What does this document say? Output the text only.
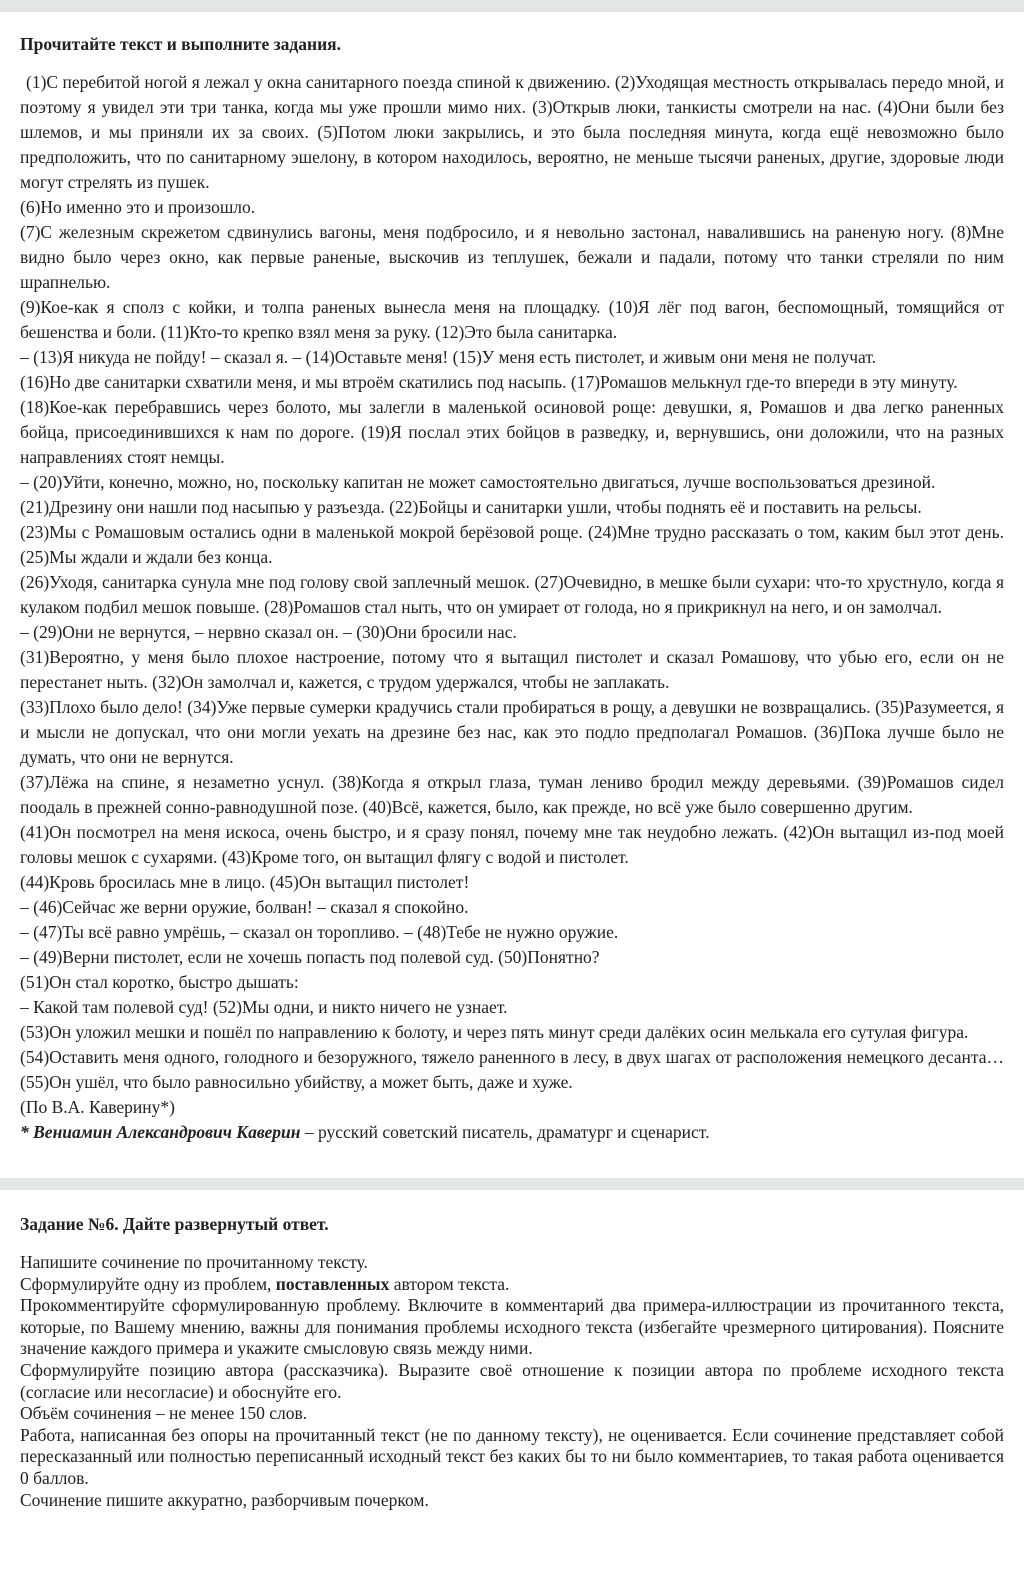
Прочитайте текст и выполните задания.

(1)С перебитой ногой я лежал у окна санитарного поезда спиной к движению. (2)Уходящая местность открывалась передо мной, и поэтому я увидел эти три танка, когда мы уже прошли мимо них. (3)Открыв люки, танкисты смотрели на нас. (4)Они были без шлемов, и мы приняли их за своих. (5)Потом люки закрылись, и это была последняя минута, когда ещё невозможно было предположить, что по санитарному эшелону, в котором находилось, вероятно, не меньше тысячи раненых, другие, здоровые люди могут стрелять из пушек.

(6)Но именно это и произошло.

(7)С железным скрежетом сдвинулись вагоны, меня подбросило, и я невольно застонал, навалившись на раненую ногу. (8)Мне видно было через окно, как первые раненые, выскочив из теплушек, бежали и падали, потому что танки стреляли по ним шрапнелью.

(9)Кое-как я сполз с койки, и толпа раненых вынесла меня на площадку. (10)Я лёг под вагон, беспомощный, томящийся от бешенства и боли. (11)Кто-то крепко взял меня за руку. (12)Это была санитарка.

– (13)Я никуда не пойду! – сказал я. – (14)Оставьте меня! (15)У меня есть пистолет, и живым они меня не получат.

(16)Но две санитарки схватили меня, и мы втроём скатились под насыпь. (17)Ромашов мелькнул где-то впереди в эту минуту.

(18)Кое-как перебравшись через болото, мы залегли в маленькой осиновой роще: девушки, я, Ромашов и два легко раненных бойца, присоединившихся к нам по дороге. (19)Я послал этих бойцов в разведку, и, вернувшись, они доложили, что на разных направлениях стоят немцы.

– (20)Уйти, конечно, можно, но, поскольку капитан не может самостоятельно двигаться, лучше воспользоваться дрезиной.

(21)Дрезину они нашли под насыпью у разъезда. (22)Бойцы и санитарки ушли, чтобы поднять её и поставить на рельсы.

(23)Мы с Ромашовым остались одни в маленькой мокрой берёзовой роще. (24)Мне трудно рассказать о том, каким был этот день. (25)Мы ждали и ждали без конца.

(26)Уходя, санитарка сунула мне под голову свой заплечный мешок. (27)Очевидно, в мешке были сухари: что-то хрустнуло, когда я кулаком подбил мешок повыше. (28)Ромашов стал ныть, что он умирает от голода, но я прикрикнул на него, и он замолчал.

– (29)Они не вернутся, – нервно сказал он. – (30)Они бросили нас.

(31)Вероятно, у меня было плохое настроение, потому что я вытащил пистолет и сказал Ромашову, что убью его, если он не перестанет ныть. (32)Он замолчал и, кажется, с трудом удержался, чтобы не заплакать.

(33)Плохо было дело! (34)Уже первые сумерки крадучись стали пробираться в рощу, а девушки не возвращались. (35)Разумеется, я и мысли не допускал, что они могли уехать на дрезине без нас, как это подло предполагал Ромашов. (36)Пока лучше было не думать, что они не вернутся.

(37)Лёжа на спине, я незаметно уснул. (38)Когда я открыл глаза, туман лениво бродил между деревьями. (39)Ромашов сидел поодаль в прежней сонно-равнодушной позе. (40)Всё, кажется, было, как прежде, но всё уже было совершенно другим.

(41)Он посмотрел на меня искоса, очень быстро, и я сразу понял, почему мне так неудобно лежать. (42)Он вытащил из-под моей головы мешок с сухарями. (43)Кроме того, он вытащил флягу с водой и пистолет.

(44)Кровь бросилась мне в лицо. (45)Он вытащил пистолет!

– (46)Сейчас же верни оружие, болван! – сказал я спокойно.

– (47)Ты всё равно умрёшь, – сказал он торопливо. – (48)Тебе не нужно оружие.

– (49)Верни пистолет, если не хочешь попасть под полевой суд. (50)Понятно?

(51)Он стал коротко, быстро дышать:

– Какой там полевой суд! (52)Мы одни, и никто ничего не узнает.

(53)Он уложил мешки и пошёл по направлению к болоту, и через пять минут среди далёких осин мелькала его сутулая фигура.

(54)Оставить меня одного, голодного и безоружного, тяжело раненного в лесу, в двух шагах от расположения немецкого десанта… (55)Он ушёл, что было равносильно убийству, а может быть, даже и хуже.

(По В.А. Каверину*)

* Вениамин Александрович Каверин – русский советский писатель, драматург и сценарист.

Задание №6. Дайте развернутый ответ.

Напишите сочинение по прочитанному тексту.

Сформулируйте одну из проблем, поставленных автором текста.

Прокомментируйте сформулированную проблему. Включите в комментарий два примера-иллюстрации из прочитанного текста, которые, по Вашему мнению, важны для понимания проблемы исходного текста (избегайте чрезмерного цитирования). Поясните значение каждого примера и укажите смысловую связь между ними.

Сформулируйте позицию автора (рассказчика). Выразите своё отношение к позиции автора по проблеме исходного текста (согласие или несогласие) и обоснуйте его.

Объём сочинения – не менее 150 слов.

Работа, написанная без опоры на прочитанный текст (не по данному тексту), не оценивается. Если сочинение представляет собой пересказанный или полностью переписанный исходный текст без каких бы то ни было комментариев, то такая работа оценивается 0 баллов.

Сочинение пишите аккуратно, разборчивым почерком.
